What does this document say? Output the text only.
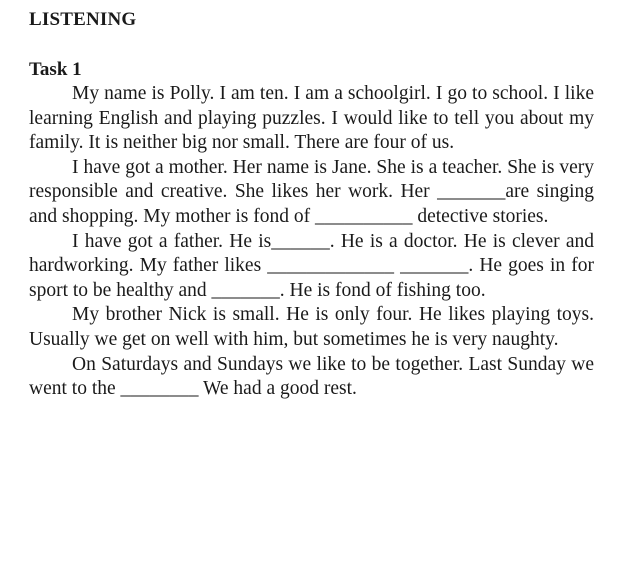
LISTENING
Task 1

My name is Polly. I am ten. I am a schoolgirl. I go to school. I like learning English and playing puzzles. I would like to tell you about my family. It is neither big nor small. There are four of us.

I have got a mother. Her name is Jane. She is a teacher. She is very responsible and creative. She likes her work. Her _______are singing and shopping. My mother is fond of __________ detective stories.

I have got a father. He is______. He is a doctor. He is clever and hardworking. My father likes _____________ _______. He goes in for sport to be healthy and _______. He is fond of fishing too.

My brother Nick is small. He is only four. He likes playing toys. Usually we get on well with him, but sometimes he is very naughty.

On Saturdays and Sundays we like to be together. Last Sunday we went to the ________ We had a good rest.
